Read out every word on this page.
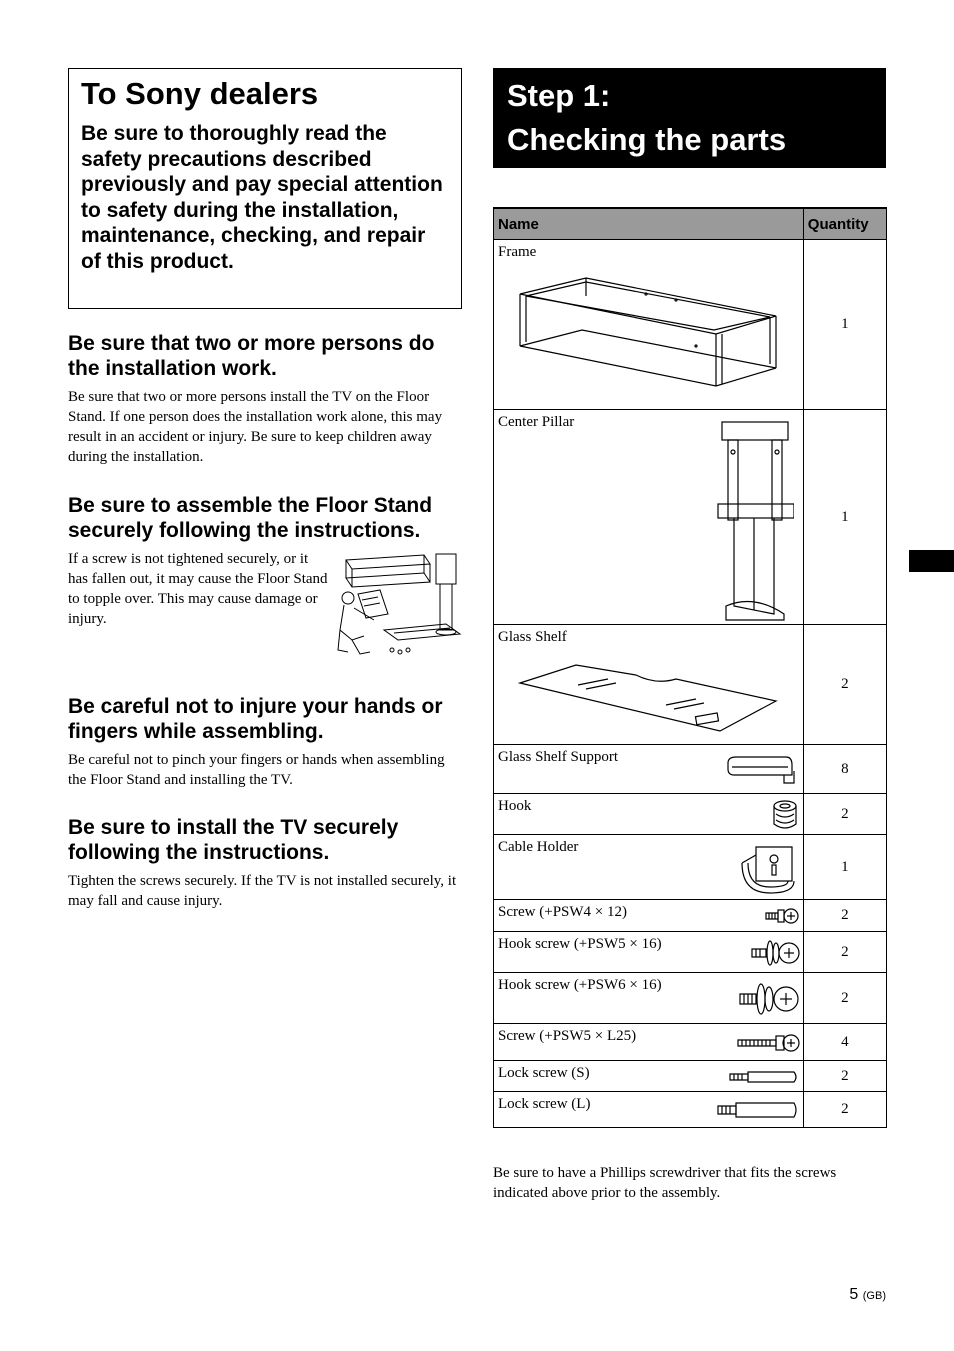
To Sony dealers

Be sure to thoroughly read the safety precautions described previously and pay special attention to safety during the installation, maintenance, checking, and repair of this product.

Be sure that two or more persons do the installation work.

Be sure that two or more persons install the TV on the Floor Stand. If one person does the installation work alone, this may result in an accident or injury. Be sure to keep children away during the installation.

Be sure to assemble the Floor Stand securely following the instructions.

If a screw is not tightened securely, or it has fallen out, it may cause the Floor Stand to topple over. This may cause damage or injury.

Be careful not to injure your hands or fingers while assembling.

Be careful not to pinch your fingers or hands when assembling the Floor Stand and installing the TV.

Be sure to install the TV securely following the instructions.

Tighten the screws securely. If the TV is not installed securely, it may fall and cause injury.

Step 1:
Checking the parts
Name	Quantity
Frame	1
Center Pillar	1
Glass Shelf	2
Glass Shelf Support	8
Hook	2
Cable Holder	1
Screw (+PSW4 × 12)	2
Hook screw (+PSW5 × 16)	2
Hook screw (+PSW6 × 16)	2
Screw (+PSW5 × L25)	4
Lock screw (S)	2
Lock screw (L)	2

Be sure to have a Phillips screwdriver that fits the screws indicated above prior to the assembly.

5 (GB)
